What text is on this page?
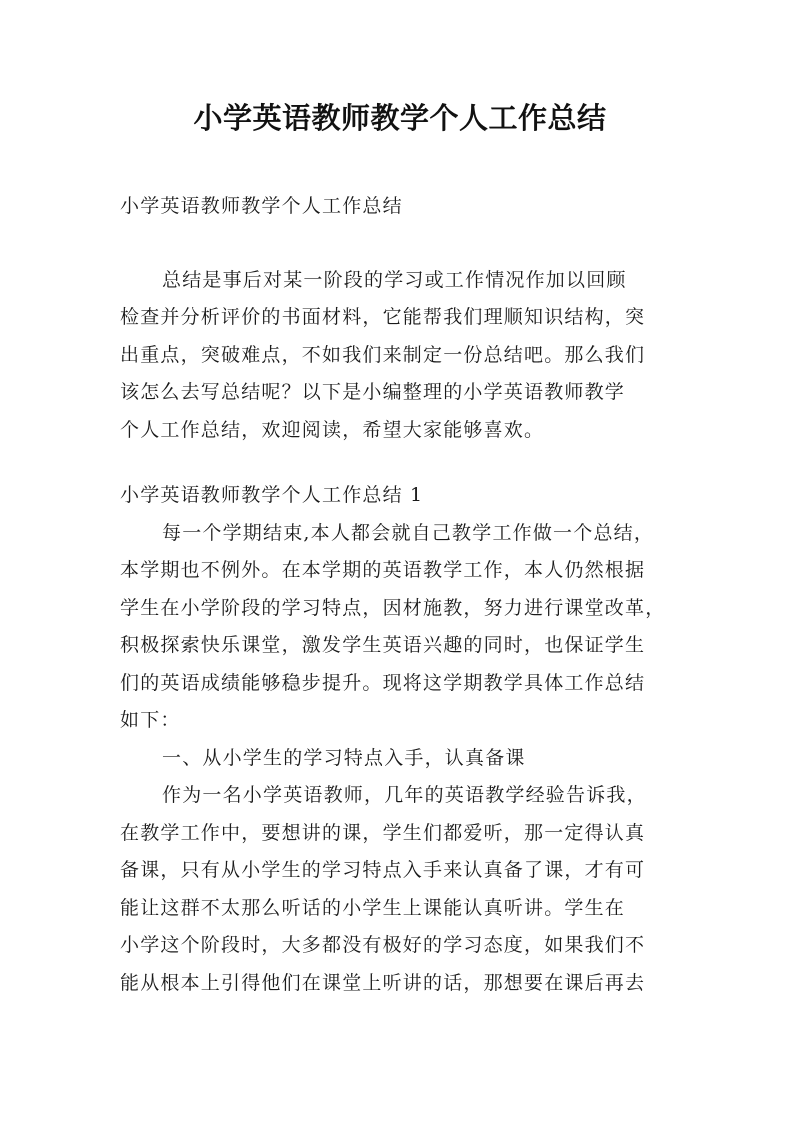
小学英语教师教学个人工作总结

小学英语教师教学个人工作总结

总结是事后对某一阶段的学习或工作情况作加以回顾
检查并分析评价的书面材料，它能帮我们理顺知识结构，突
出重点，突破难点，不如我们来制定一份总结吧。那么我们
该怎么去写总结呢？以下是小编整理的小学英语教师教学
个人工作总结，欢迎阅读，希望大家能够喜欢。

小学英语教师教学个人工作总结 1

每一个学期结束,本人都会就自己教学工作做一个总结，
本学期也不例外。在本学期的英语教学工作，本人仍然根据
学生在小学阶段的学习特点，因材施教，努力进行课堂改革，
积极探索快乐课堂，激发学生英语兴趣的同时，也保证学生
们的英语成绩能够稳步提升。现将这学期教学具体工作总结
如下：

一、从小学生的学习特点入手，认真备课

作为一名小学英语教师，几年的英语教学经验告诉我，
在教学工作中，要想讲的课，学生们都爱听，那一定得认真
备课，只有从小学生的学习特点入手来认真备了课，才有可
能让这群不太那么听话的小学生上课能认真听讲。学生在
小学这个阶段时，大多都没有极好的学习态度，如果我们不
能从根本上引得他们在课堂上听讲的话，那想要在课后再去
